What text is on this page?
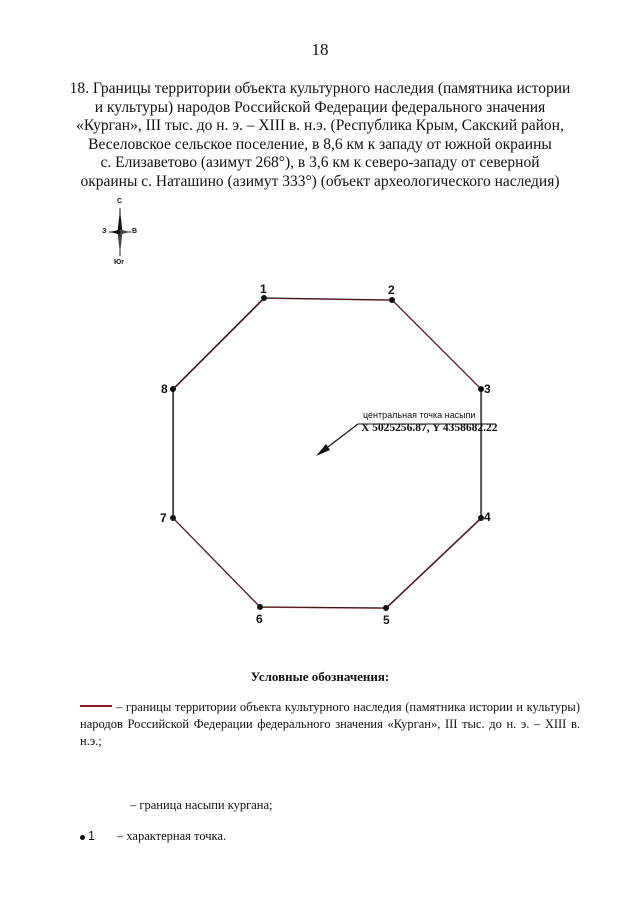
18
18. Границы территории объекта культурного наследия (памятника истории
и культуры) народов Российской Федерации федерального значения
«Курган», III тыс. до н. э. – XIII в. н.э. (Республика Крым, Сакский район,
Веселовское сельское поселение, в 8,6 км к западу от южной окраины
с. Елизаветово (азимут 268°), в 3,6 км к северо-западу от северной
окраины с. Наташино (азимут 333°) (объект археологического наследия)
С
З	В
Юг
1	2
3
4
5
6
7
8
центральная точка насыпи
X 5025256.87, Y 4358682.22
Условные обозначения:
– границы территории объекта культурного наследия (памятника истории и культуры) народов Российской Федерации федерального значения «Курган», III тыс. до н. э. – XIII в. н.э.;
– граница насыпи кургана;
1 – характерная точка.
